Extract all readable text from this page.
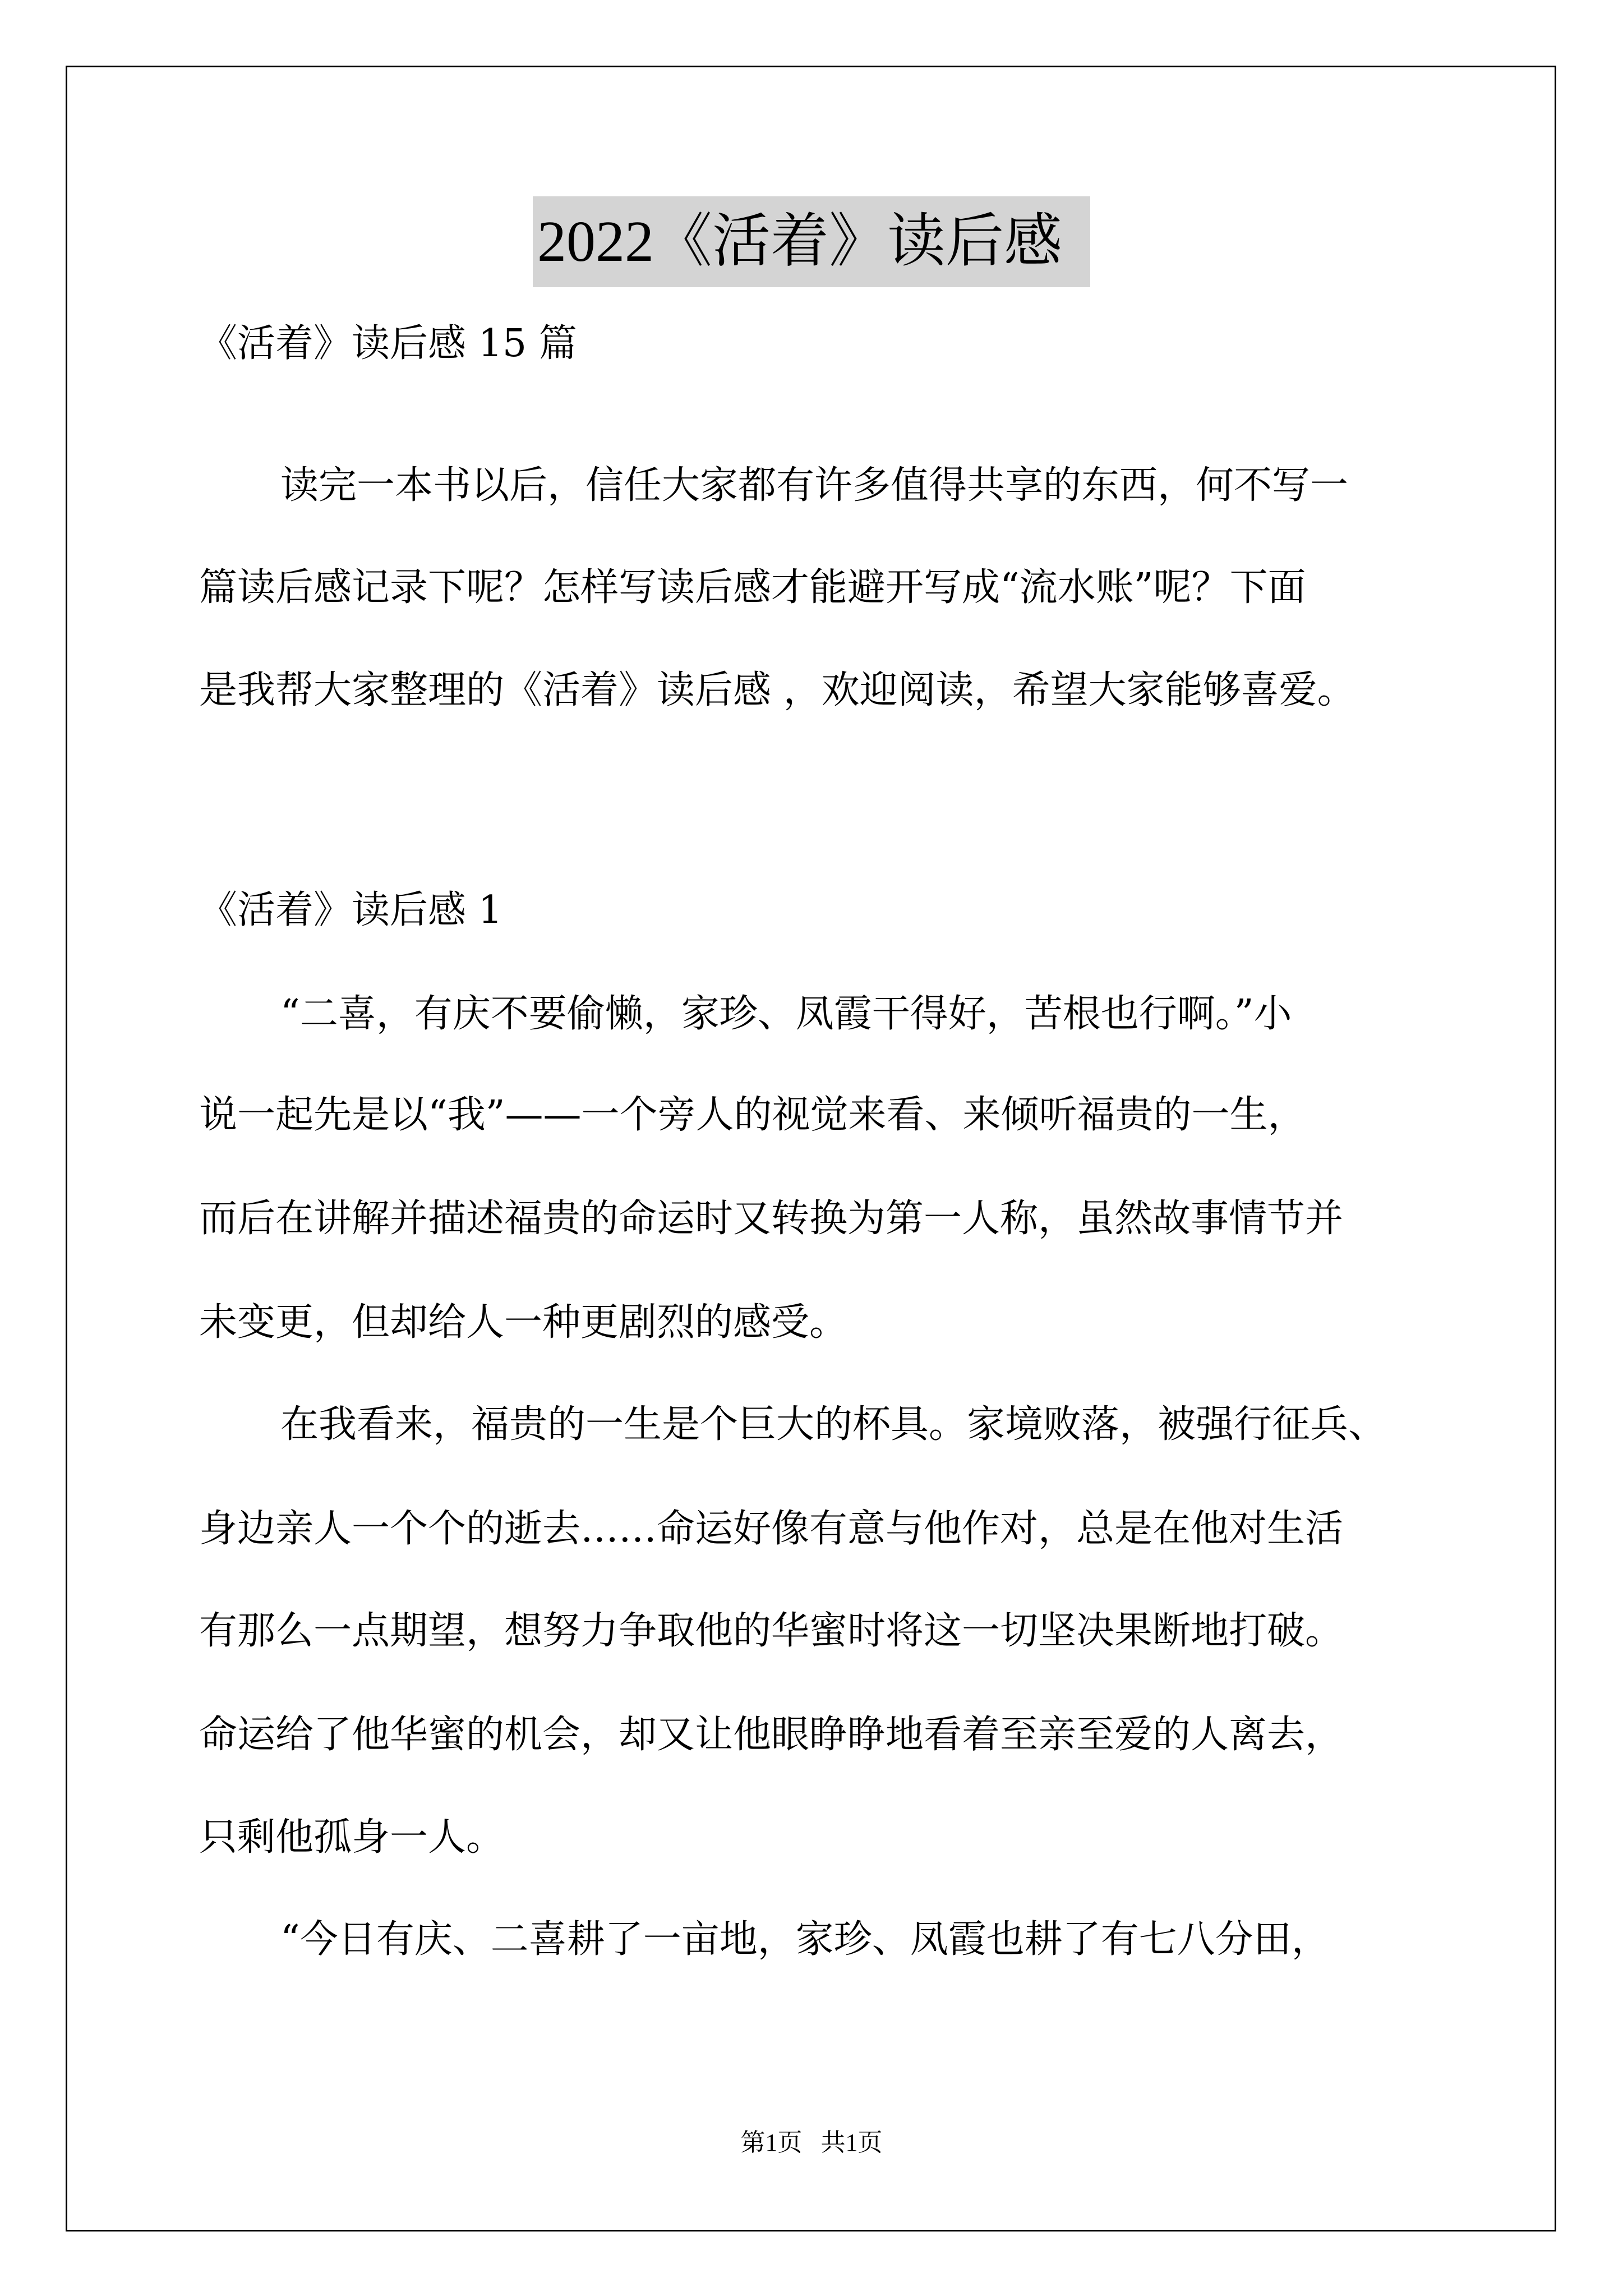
2022《活着》读后感
《活着》读后感 15 篇
读完一本书以后，信任大家都有许多值得共享的东西，何不写一
篇读后感记录下呢？怎样写读后感才能避开写成“流水账”呢？下面
是我帮大家整理的《活着》读后感 ，欢迎阅读，希望大家能够喜爱。
《活着》读后感 1
“二喜，有庆不要偷懒，家珍、凤霞干得好，苦根也行啊。”小
说一起先是以“我”——一个旁人的视觉来看、来倾听福贵的一生，
而后在讲解并描述福贵的命运时又转换为第一人称，虽然故事情节并
未变更，但却给人一种更剧烈的感受。
在我看来，福贵的一生是个巨大的杯具。家境败落，被强行征兵、
身边亲人一个个的逝去……命运好像有意与他作对，总是在他对生活
有那么一点期望，想努力争取他的华蜜时将这一切坚决果断地打破。
命运给了他华蜜的机会，却又让他眼睁睁地看着至亲至爱的人离去，
只剩他孤身一人。
“今日有庆、二喜耕了一亩地，家珍、凤霞也耕了有七八分田，
第1页   共1页
